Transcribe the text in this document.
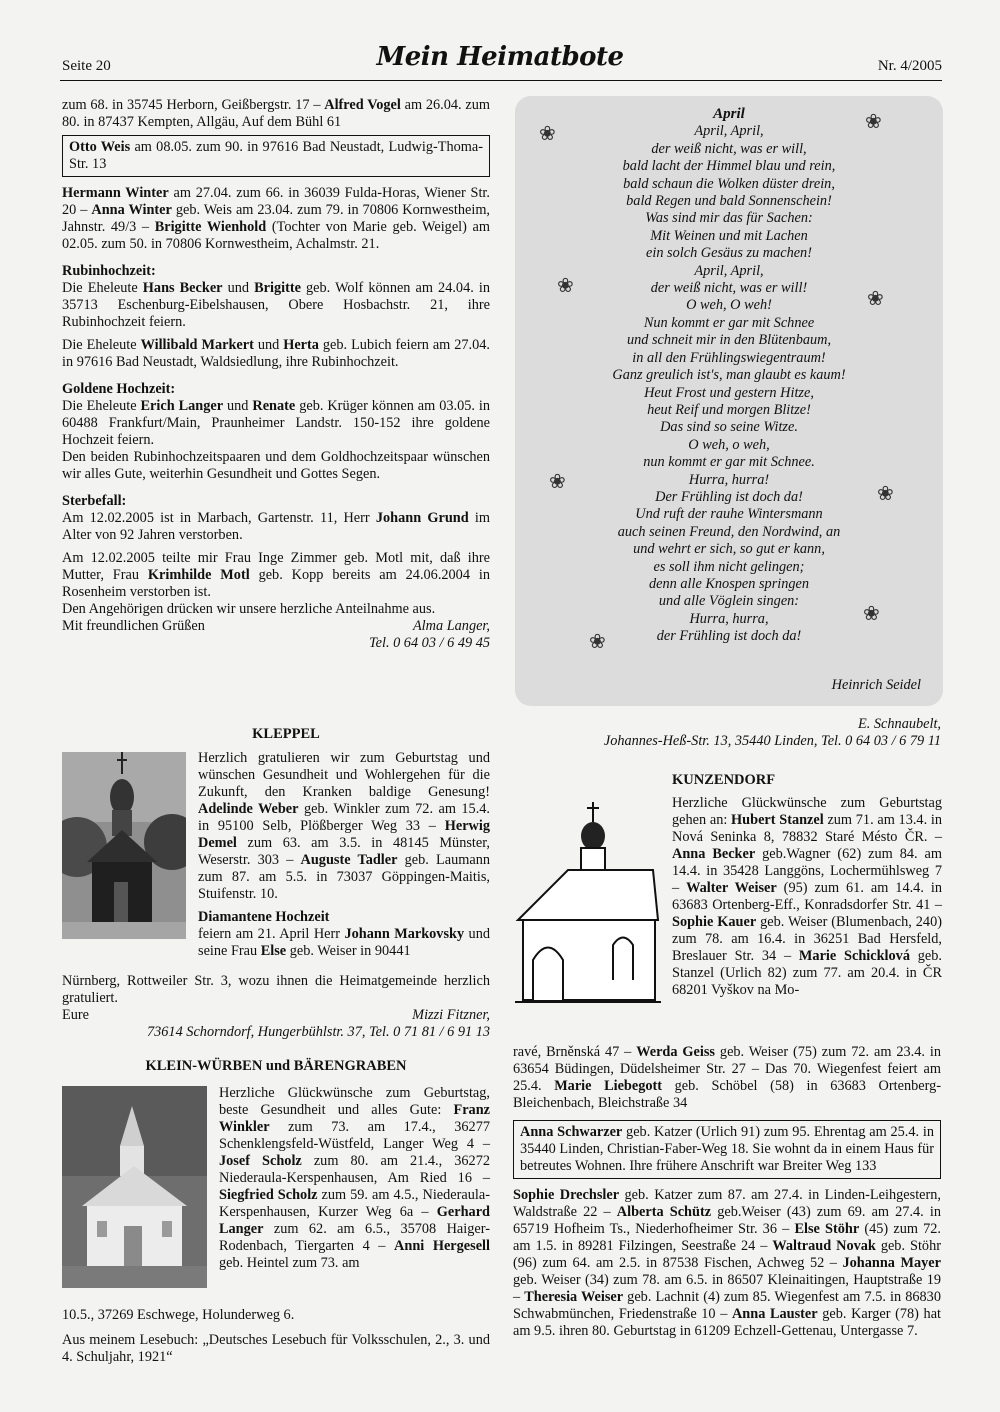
Seite 20	Mein Heimatbote	Nr. 4/2005

zum 68. in 35745 Herborn, Geißbergstr. 17 – Alfred Vogel am 26.04. zum 80. in 87437 Kempten, Allgäu, Auf dem Bühl 61

Otto Weis am 08.05. zum 90. in 97616 Bad Neustadt, Ludwig-Thoma-Str. 13

Hermann Winter am 27.04. zum 66. in 36039 Fulda-Horas, Wiener Str. 20 – Anna Winter geb. Weis am 23.04. zum 79. in 70806 Kornwestheim, Jahnstr. 49/3 – Brigitte Wienhold (Tochter von Marie geb. Weigel) am 02.05. zum 50. in 70806 Kornwestheim, Achalmstr. 21.

Rubinhochzeit:

Die Eheleute Hans Becker und Brigitte geb. Wolf können am 24.04. in 35713 Eschenburg-Eibelshausen, Obere Hosbachstr. 21, ihre Rubinhochzeit feiern.

Die Eheleute Willibald Markert und Herta geb. Lubich feiern am 27.04. in 97616 Bad Neustadt, Waldsiedlung, ihre Rubinhochzeit.

Goldene Hochzeit:

Die Eheleute Erich Langer und Renate geb. Krüger können am 03.05. in 60488 Frankfurt/Main, Praunheimer Landstr. 150-152 ihre goldene Hochzeit feiern.

Den beiden Rubinhochzeitspaaren und dem Goldhochzeitspaar wünschen wir alles Gute, weiterhin Gesundheit und Gottes Segen.

Sterbefall:

Am 12.02.2005 ist in Marbach, Gartenstr. 11, Herr Johann Grund im Alter von 92 Jahren verstorben.

Am 12.02.2005 teilte mir Frau Inge Zimmer geb. Motl mit, daß ihre Mutter, Frau Krimhilde Motl geb. Kopp bereits am 24.06.2004 in Rosenheim verstorben ist.

Den Angehörigen drücken wir unsere herzliche Anteilnahme aus.

Mit freundlichen Grüßen	Alma Langer,

Tel. 0 64 03 / 6 49 45

KLEPPEL

Herzlich gratulieren wir zum Geburtstag und wünschen Gesundheit und Wohlergehen für die Zukunft, den Kranken baldige Genesung! Adelinde Weber geb. Winkler zum 72. am 15.4. in 95100 Selb, Plößberger Weg 33 – Herwig Demel zum 63. am 3.5. in 48145 Münster, Weserstr. 303 – Auguste Tadler geb. Laumann zum 87. am 5.5. in 73037 Göppingen-Maitis, Stuifenstr. 10.

Diamantene Hochzeit

feiern am 21. April Herr Johann Markovsky und seine Frau Else geb. Weiser in 90441

Nürnberg, Rottweiler Str. 3, wozu ihnen die Heimatgemeinde herzlich gratuliert.

Eure	Mizzi Fitzner,

73614 Schorndorf, Hungerbühlstr. 37, Tel. 0 71 81 / 6 91 13

KLEIN-WÜRBEN und BÄRENGRABEN

Herzliche Glückwünsche zum Geburtstag, beste Gesundheit und alles Gute: Franz Winkler zum 73. am 17.4., 36277 Schenklengsfeld-Wüstfeld, Langer Weg 4 – Josef Scholz zum 80. am 21.4., 36272 Niederaula-Kerspenhausen, Am Ried 16 – Siegfried Scholz zum 59. am 4.5., Niederaula-Kerspenhausen, Kurzer Weg 6a – Gerhard Langer zum 62. am 6.5., 35708 Haiger-Rodenbach, Tiergarten 4 – Anni Hergesell geb. Heintel zum 73. am

10.5., 37269 Eschwege, Holunderweg 6.

Aus meinem Lesebuch: „Deutsches Lesebuch für Volksschulen, 2., 3. und 4. Schuljahr, 1921“

April
April, April,
der weiß nicht, was er will,
bald lacht der Himmel blau und rein,
bald schaun die Wolken düster drein,
bald Regen und bald Sonnenschein!
Was sind mir das für Sachen:
Mit Weinen und mit Lachen
ein solch Gesäus zu machen!
April, April,
der weiß nicht, was er will!
O weh, O weh!
Nun kommt er gar mit Schnee
und schneit mir in den Blütenbaum,
in all den Frühlingswiegentraum!
Ganz greulich ist's, man glaubt es kaum!
Heut Frost und gestern Hitze,
heut Reif und morgen Blitze!
Das sind so seine Witze.
O weh, o weh,
nun kommt er gar mit Schnee.
Hurra, hurra!
Der Frühling ist doch da!
Und ruft der rauhe Wintersmann
auch seinen Freund, den Nordwind, an
und wehrt er sich, so gut er kann,
es soll ihm nicht gelingen;
denn alle Knospen springen
und alle Vöglein singen:
Hurra, hurra,
der Frühling ist doch da!
Heinrich Seidel
❀
❀
❀
❀
❀
❀
❀
❀

E. Schnaubelt,

Johannes-Heß-Str. 13, 35440 Linden, Tel. 0 64 03 / 6 79 11

KUNZENDORF

Herzliche Glückwünsche zum Geburtstag gehen an: Hubert Stanzel zum 71. am 13.4. in Nová Seninka 8, 78832 Staré Mésto ČR. – Anna Becker geb.Wagner (62) zum 84. am 14.4. in 35428 Langgöns, Lochermühlsweg 7 – Walter Weiser (95) zum 61. am 14.4. in 63683 Ortenberg-Eff., Konradsdorfer Str. 41 – Sophie Kauer geb. Weiser (Blumenbach, 240) zum 78. am 16.4. in 36251 Bad Hersfeld, Breslauer Str. 34 – Marie Schicklová geb. Stanzel (Urlich 82) zum 77. am 20.4. in ČR 68201 Vyškov na Mo-

ravé, Brněnská 47 – Werda Geiss geb. Weiser (75) zum 72. am 23.4. in 63654 Büdingen, Düdelsheimer Str. 27 – Das 70. Wiegenfest feiert am 25.4. Marie Liebegott geb. Schöbel (58) in 63683 Ortenberg-Bleichenbach, Bleichstraße 34

Anna Schwarzer geb. Katzer (Urlich 91) zum 95. Ehrentag am 25.4. in 35440 Linden, Christian-Faber-Weg 18. Sie wohnt da in einem Haus für betreutes Wohnen. Ihre frühere Anschrift war Breiter Weg 133

Sophie Drechsler geb. Katzer zum 87. am 27.4. in Linden-Leihgestern, Waldstraße 22 – Alberta Schütz geb.Weiser (43) zum 69. am 27.4. in 65719 Hofheim Ts., Niederhofheimer Str. 36 – Else Stöhr (45) zum 72. am 1.5. in 89281 Filzingen, Seestraße 24 – Waltraud Novak geb. Stöhr (96) zum 64. am 2.5. in 87538 Fischen, Achweg 52 – Johanna Mayer geb. Weiser (34) zum 78. am 6.5. in 86507 Kleinaitingen, Hauptstraße 19 – Theresia Weiser geb. Lachnit (4) zum 85. Wiegenfest am 7.5. in 86830 Schwabmünchen, Friedenstraße 10 – Anna Lauster geb. Karger (78) hat am 9.5. ihren 80. Geburtstag in 61209 Echzell-Gettenau, Untergasse 7.
